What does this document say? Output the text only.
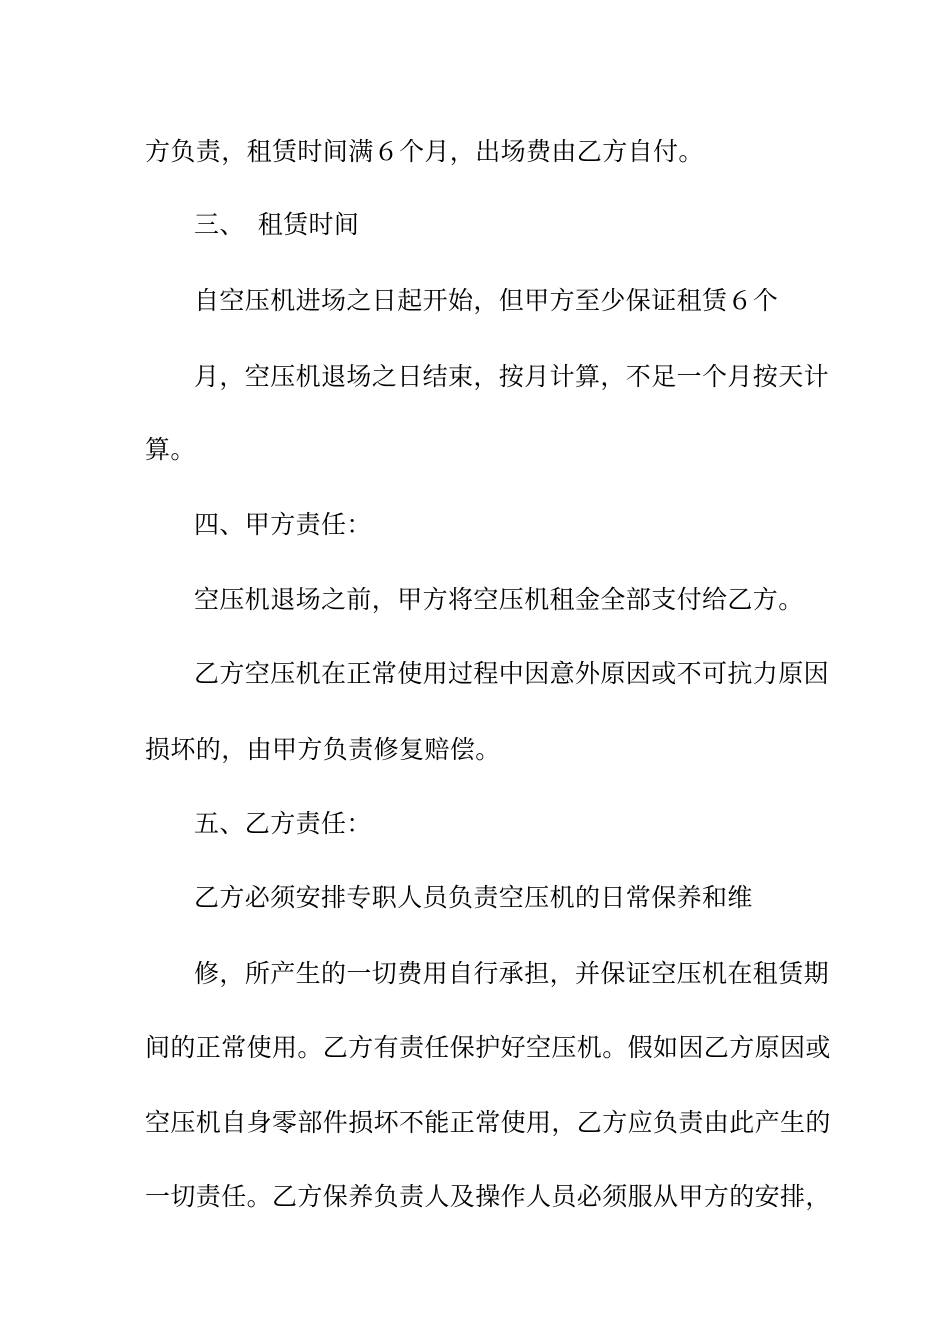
方负责，租赁时间满６个月，出场费由乙方自付。
三、　租赁时间
自空压机进场之日起开始，但甲方至少保证租赁６个
月，空压机退场之日结束，按月计算，不足一个月按天计
算。
四、甲方责任：
空压机退场之前，甲方将空压机租金全部支付给乙方。
乙方空压机在正常使用过程中因意外原因或不可抗力原因
损坏的，由甲方负责修复赔偿。
五、乙方责任：
乙方必须安排专职人员负责空压机的日常保养和维
修，所产生的一切费用自行承担，并保证空压机在租赁期
间的正常使用。乙方有责任保护好空压机。假如因乙方原因或
空压机自身零部件损坏不能正常使用，乙方应负责由此产生的
一切责任。乙方保养负责人及操作人员必须服从甲方的安排，
